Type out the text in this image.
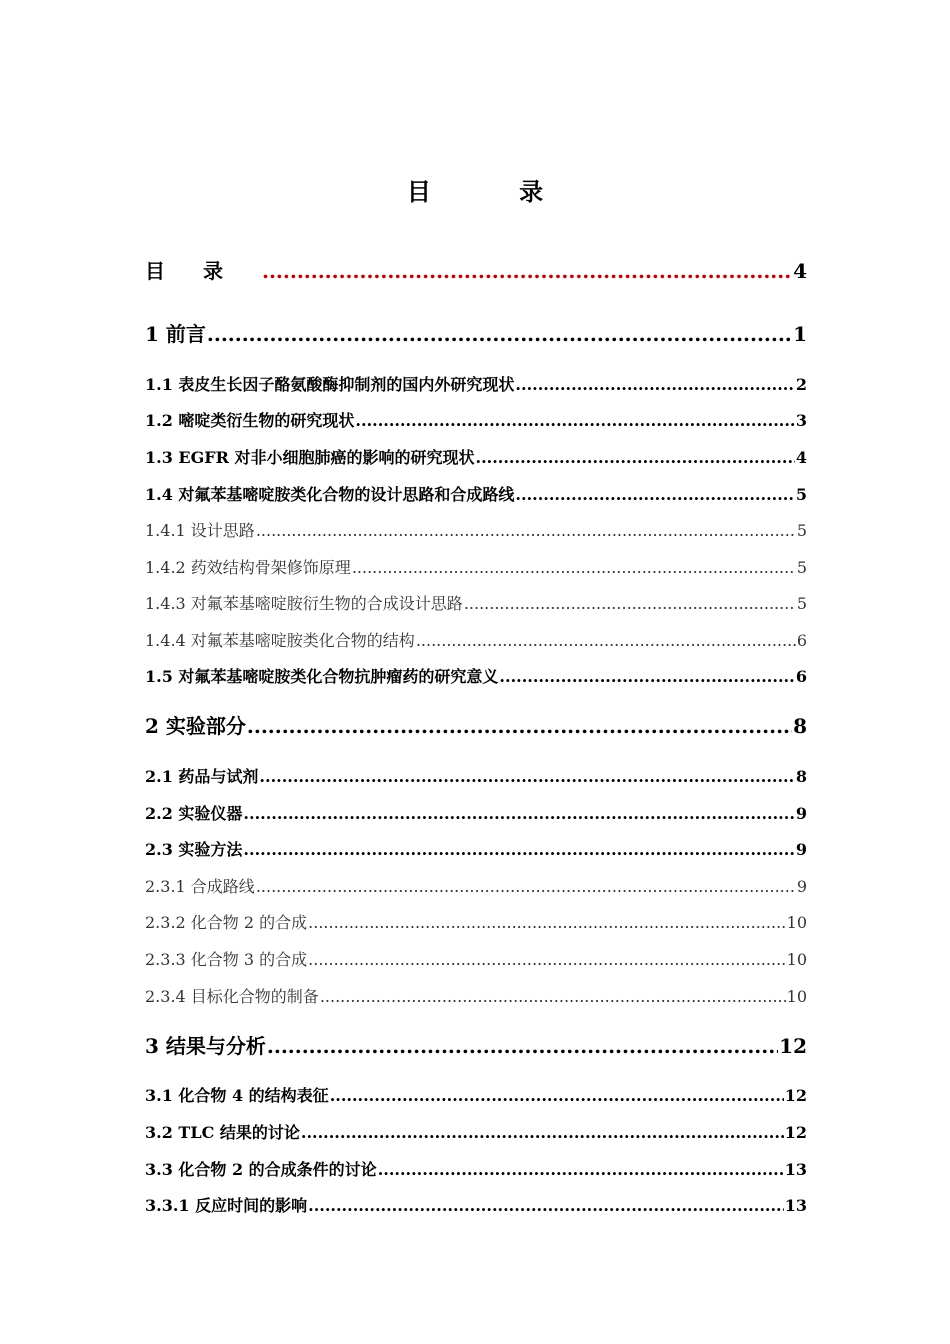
目 录
目录 .....	4
1 前言 .....	1
1.1 表皮生长因子酪氨酸酶抑制剂的国内外研究现状 .....	2
1.2 嘧啶类衍生物的研究现状 .....	3
1.3 EGFR 对非小细胞肺癌的影响的研究现状 .....	4
1.4 对氟苯基嘧啶胺类化合物的设计思路和合成路线 .....	5
1.4.1 设计思路 .....	5
1.4.2 药效结构骨架修饰原理 .....	5
1.4.3 对氟苯基嘧啶胺衍生物的合成设计思路 .....	5
1.4.4 对氟苯基嘧啶胺类化合物的结构 .....	6
1.5 对氟苯基嘧啶胺类化合物抗肿瘤药的研究意义 .....	6
2 实验部分 .....	8
2.1 药品与试剂 .....	8
2.2 实验仪器 .....	9
2.3 实验方法 .....	9
2.3.1 合成路线 .....	9
2.3.2 化合物 2 的合成 .....	10
2.3.3 化合物 3 的合成 .....	10
2.3.4 目标化合物的制备 .....	10
3 结果与分析 .....	12
3.1 化合物 4 的结构表征 .....	12
3.2 TLC 结果的讨论 .....	12
3.3 化合物 2 的合成条件的讨论 .....	13
3.3.1 反应时间的影响 .....	13
